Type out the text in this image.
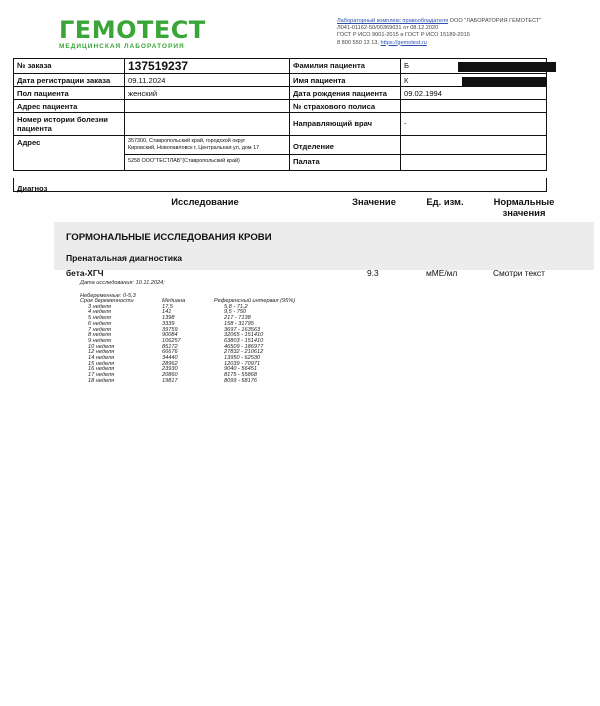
ГЕМОТЕСТ
МЕДИЦИНСКАЯ ЛАБОРАТОРИЯ
Лабораторный комплекс правообладателя ООО "ЛАБОРАТОРИЯ ГЕМОТЕСТ"
Л041-01162-50/00369631 от 08.12.2020
ГОСТ Р ИСО 9001-2015 и ГОСТ Р ИСО 15189-2015
8 800 550 13 13, https://gemotest.ru
№ заказа	137519237	Фамилия пациента	Б
Дата регистрации заказа	09.11.2024	Имя пациента	К
Пол пациента	женский	Дата рождения пациента	09.02.1994
Адрес пациента	№ страхового полиса
Номер истории болезни пациента
Направляющий врач	-
Адрес	357300, Ставропольский край, городской округ
Кировский, Новопавловск г, Центральная ул, дом 17
5258 ООО"ТЕСТЛАБ"(Ставропольский край)
Отделение
Палата
Диагноз
Исследование	Значение	Ед. изм.	Нормальные
значения
ГОРМОНАЛЬНЫЕ ИССЛЕДОВАНИЯ КРОВИ
Пренатальная диагностика
бета-ХГЧ	9.3	мМЕ/мл	Смотри текст
Дата исследования: 10.11.2024;
Небеременные: 0-5,3
Срок беременности	Медиана	Референсный интервал (95%)
3 неделя	17,5	5,8 - 71,2
4 неделя	141	9,5 - 750
5 неделя	1398	217 - 7138
6 неделя	3339	158 - 31795
7 неделя	39759	3697 - 163563
8 неделя	90084	32065 - 151410
9 неделя	106257	63803 - 151410
10 неделя	85172	46509 - 186977
12 неделя	66676	27832 - 210612
14 неделя	34440	13950 - 62530
15 неделя	28962	12039 - 70971
16 неделя	23930	9040 - 56451
17 неделя	20860	8175 - 55868
18 неделя	19817	8099 - 58176
